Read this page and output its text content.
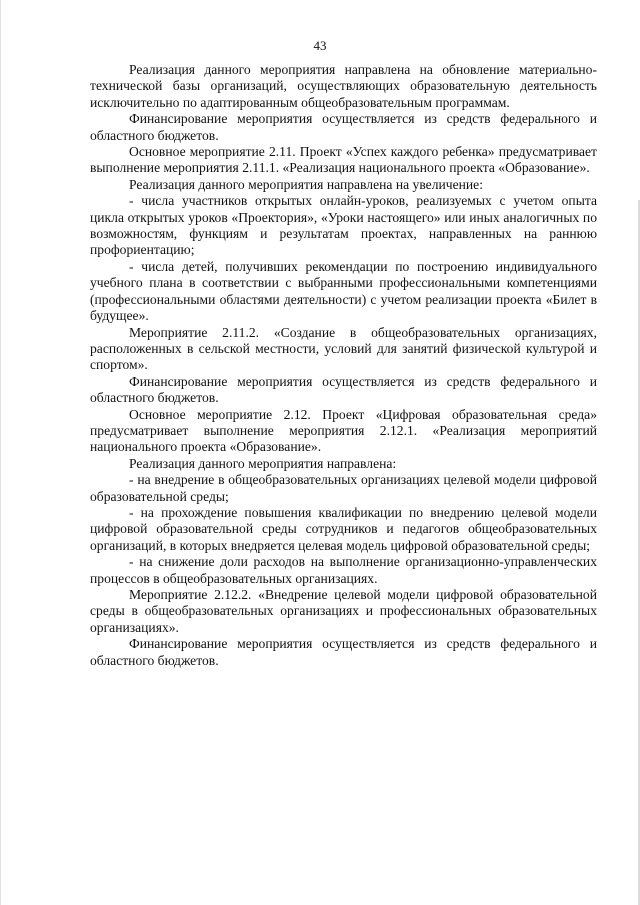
43

Реализация данного мероприятия направлена на обновление материально-технической базы организаций, осуществляющих образовательную деятельность исключительно по адаптированным общеобразовательным программам.

Финансирование мероприятия осуществляется из средств федерального и областного бюджетов.

Основное мероприятие 2.11. Проект «Успех каждого ребенка» предусматривает выполнение мероприятия 2.11.1. «Реализация национального проекта «Образование».

Реализация данного мероприятия направлена на увеличение:

- числа участников открытых онлайн-уроков, реализуемых с учетом опыта цикла открытых уроков «Проектория», «Уроки настоящего» или иных аналогичных по возможностям, функциям и результатам проектах, направленных на раннюю профориентацию;

- числа детей, получивших рекомендации по построению индивидуального учебного плана в соответствии с выбранными профессиональными компетенциями (профессиональными областями деятельности) с учетом реализации проекта «Билет в будущее».

Мероприятие 2.11.2. «Создание в общеобразовательных организациях, расположенных в сельской местности, условий для занятий физической культурой и спортом».

Финансирование мероприятия осуществляется из средств федерального и областного бюджетов.

Основное мероприятие 2.12. Проект «Цифровая образовательная среда» предусматривает выполнение мероприятия 2.12.1. «Реализация мероприятий национального проекта «Образование».

Реализация данного мероприятия направлена:

- на внедрение в общеобразовательных организациях целевой модели цифровой образовательной среды;

- на прохождение повышения квалификации по внедрению целевой модели цифровой образовательной среды сотрудников и педагогов общеобразовательных организаций, в которых внедряется целевая модель цифровой образовательной среды;

- на снижение доли расходов на выполнение организационно-управленческих процессов в общеобразовательных организациях.

Мероприятие 2.12.2. «Внедрение целевой модели цифровой образовательной среды в общеобразовательных организациях и профессиональных образовательных организациях».

Финансирование мероприятия осуществляется из средств федерального и областного бюджетов.
